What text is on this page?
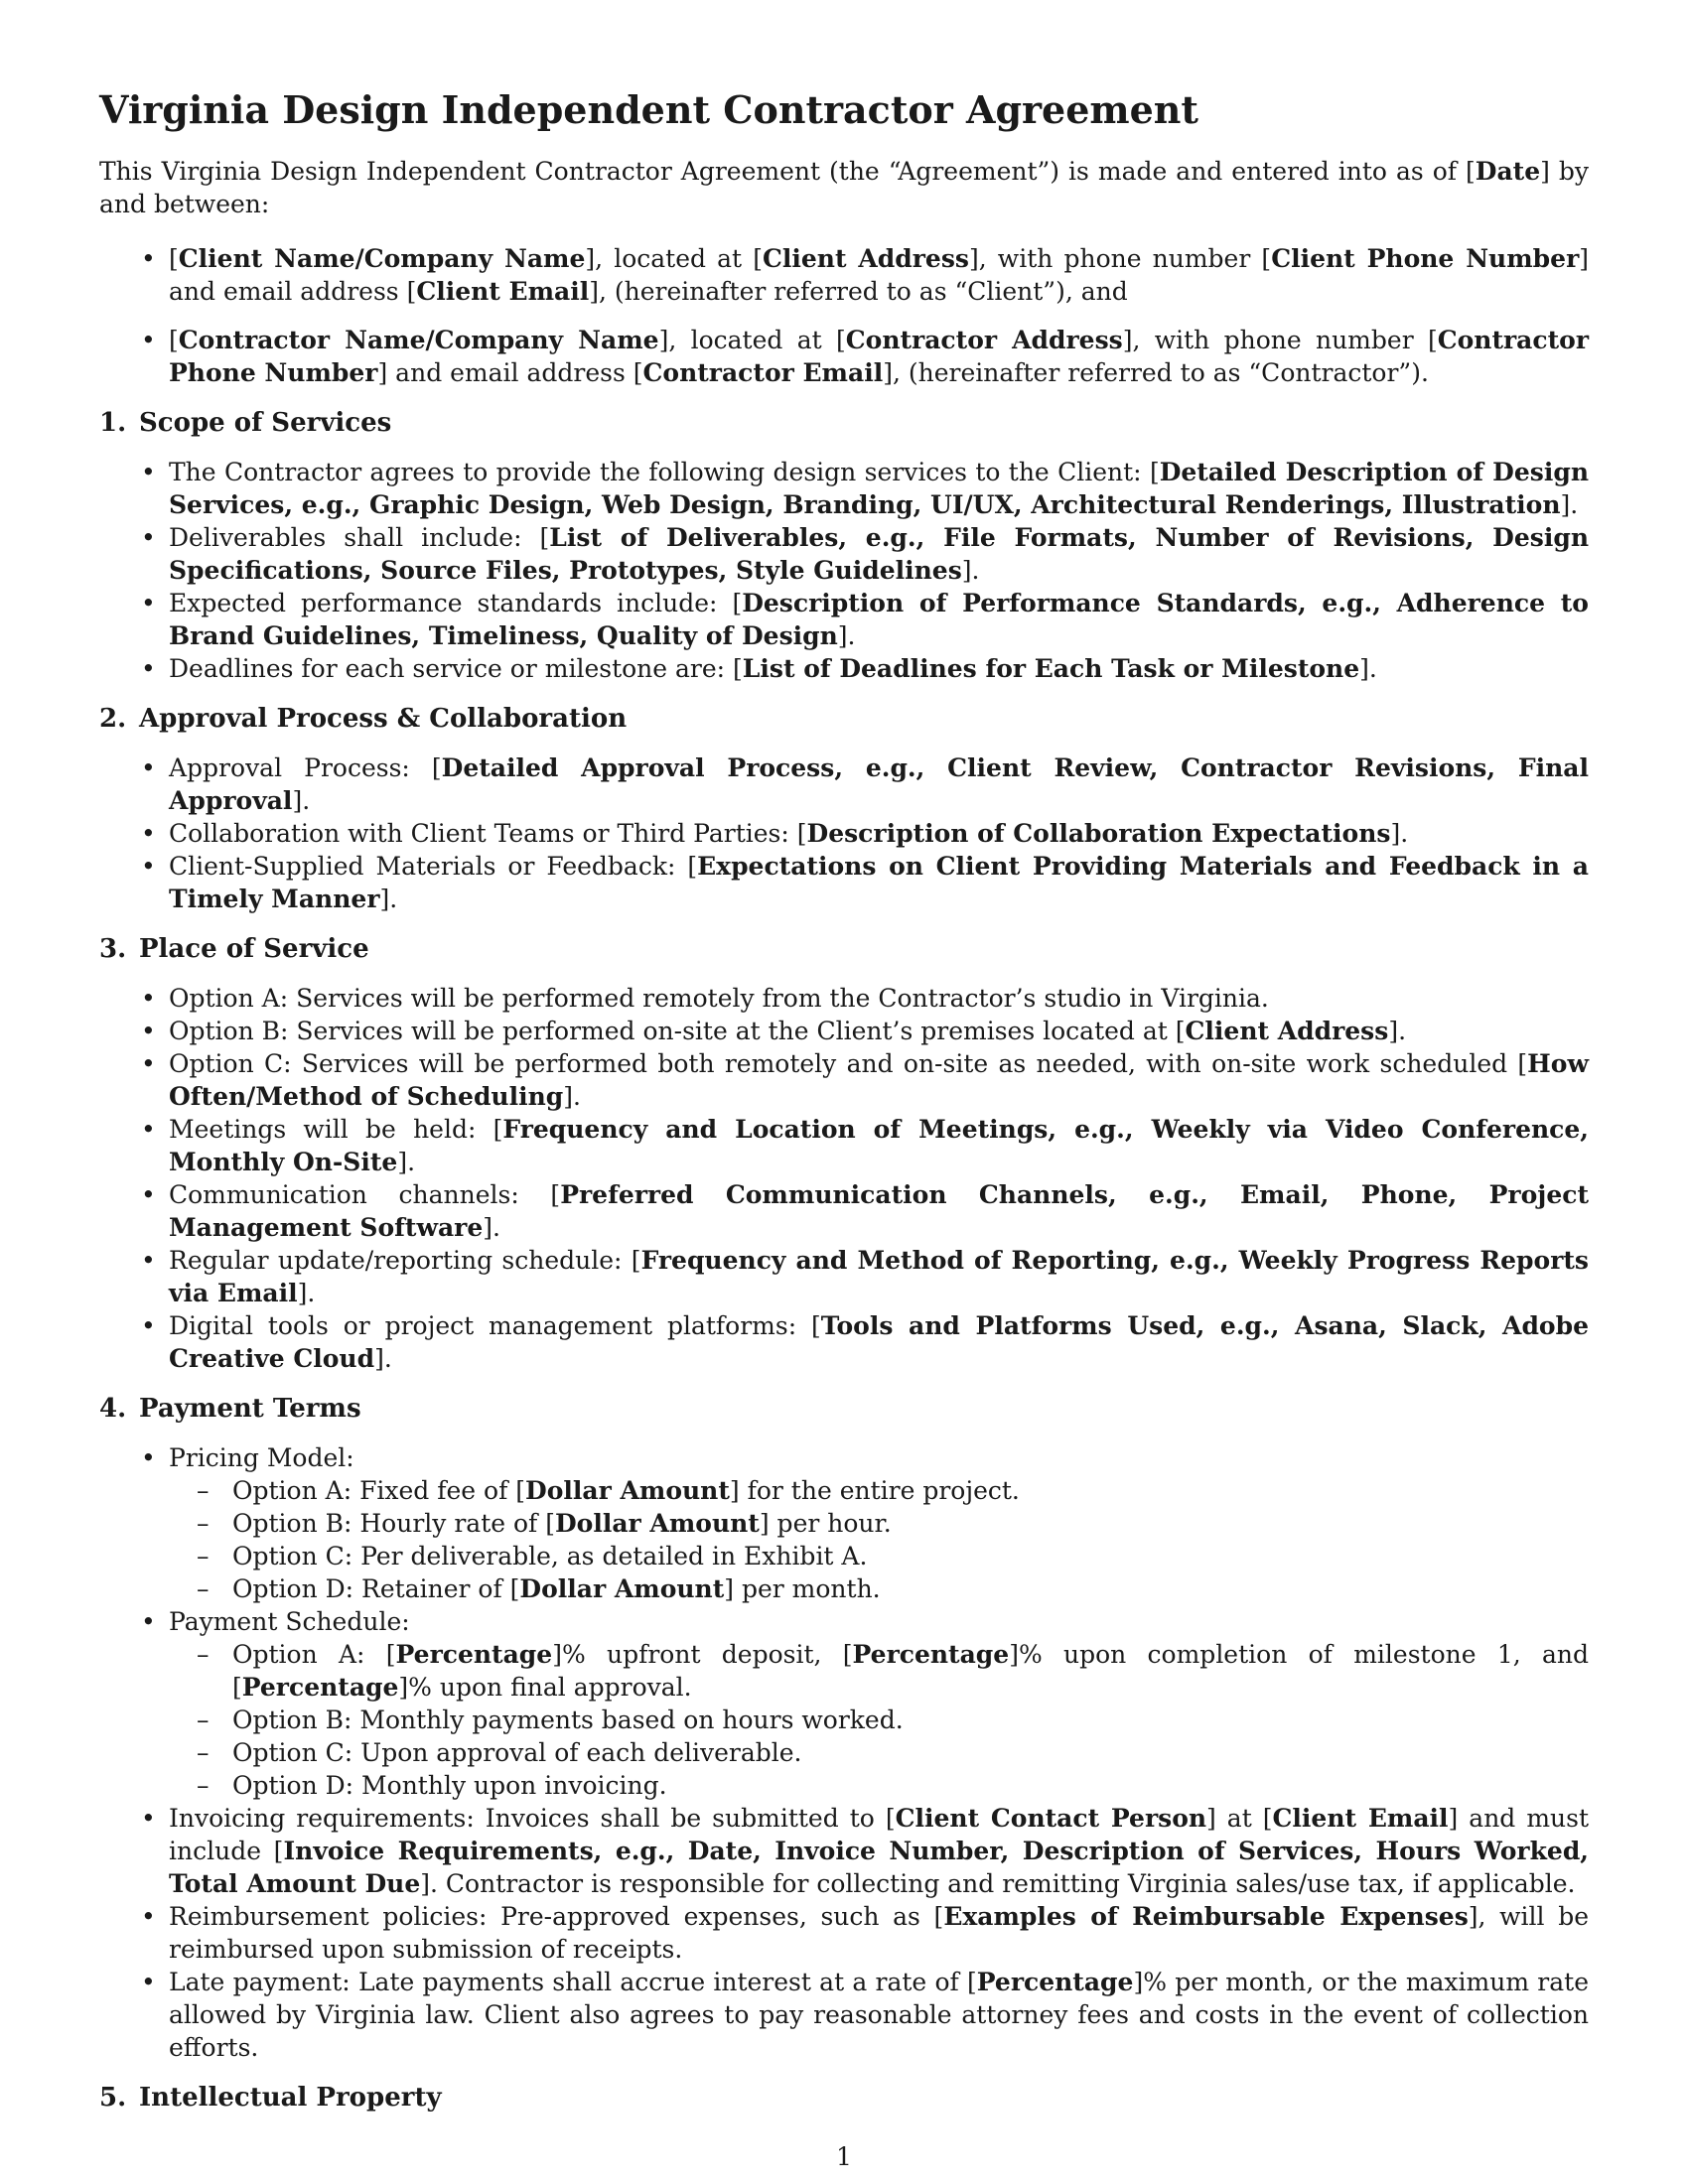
Virginia Design Independent Contractor Agreement

This Virginia Design Independent Contractor Agreement (the “Agreement”) is made and entered into as of [Date] by and between:

• [Client Name/Company Name], located at [Client Address], with phone number [Client Phone Number] and email address [Client Email], (hereinafter referred to as “Client”), and
• [Contractor Name/Company Name], located at [Contractor Address], with phone number [Contractor Phone Number] and email address [Contractor Email], (hereinafter referred to as “Contractor”).
1. Scope of Services
• The Contractor agrees to provide the following design services to the Client: [Detailed Description of Design Services, e.g., Graphic Design, Web Design, Branding, UI/UX, Architectural Renderings, Illustration].
• Deliverables shall include: [List of Deliverables, e.g., File Formats, Number of Revisions, Design Specifications, Source Files, Prototypes, Style Guidelines].
• Expected performance standards include: [Description of Performance Standards, e.g., Adherence to Brand Guidelines, Timeliness, Quality of Design].
• Deadlines for each service or milestone are: [List of Deadlines for Each Task or Milestone].
2. Approval Process & Collaboration
• Approval Process: [Detailed Approval Process, e.g., Client Review, Contractor Revisions, Final Approval].
• Collaboration with Client Teams or Third Parties: [Description of Collaboration Expectations].
• Client-Supplied Materials or Feedback: [Expectations on Client Providing Materials and Feedback in a Timely Manner].
3. Place of Service
• Option A: Services will be performed remotely from the Contractor’s studio in Virginia.
• Option B: Services will be performed on-site at the Client’s premises located at [Client Address].
• Option C: Services will be performed both remotely and on-site as needed, with on-site work scheduled [How Often/Method of Scheduling].
• Meetings will be held: [Frequency and Location of Meetings, e.g., Weekly via Video Conference, Monthly On-Site].
• Communication channels: [Preferred Communication Channels, e.g., Email, Phone, Project Management Software].
• Regular update/reporting schedule: [Frequency and Method of Reporting, e.g., Weekly Progress Reports via Email].
• Digital tools or project management platforms: [Tools and Platforms Used, e.g., Asana, Slack, Adobe Creative Cloud].
4. Payment Terms
• Pricing Model:
– Option A: Fixed fee of [Dollar Amount] for the entire project.
– Option B: Hourly rate of [Dollar Amount] per hour.
– Option C: Per deliverable, as detailed in Exhibit A.
– Option D: Retainer of [Dollar Amount] per month.
• Payment Schedule:
– Option A: [Percentage]% upfront deposit, [Percentage]% upon completion of milestone 1, and [Percentage]% upon final approval.
– Option B: Monthly payments based on hours worked.
– Option C: Upon approval of each deliverable.
– Option D: Monthly upon invoicing.
• Invoicing requirements: Invoices shall be submitted to [Client Contact Person] at [Client Email] and must include [Invoice Requirements, e.g., Date, Invoice Number, Description of Services, Hours Worked, Total Amount Due]. Contractor is responsible for collecting and remitting Virginia sales/use tax, if applicable.
• Reimbursement policies: Pre-approved expenses, such as [Examples of Reimbursable Expenses], will be reimbursed upon submission of receipts.
• Late payment: Late payments shall accrue interest at a rate of [Percentage]% per month, or the maximum rate allowed by Virginia law. Client also agrees to pay reasonable attorney fees and costs in the event of collection efforts.
5. Intellectual Property
1
